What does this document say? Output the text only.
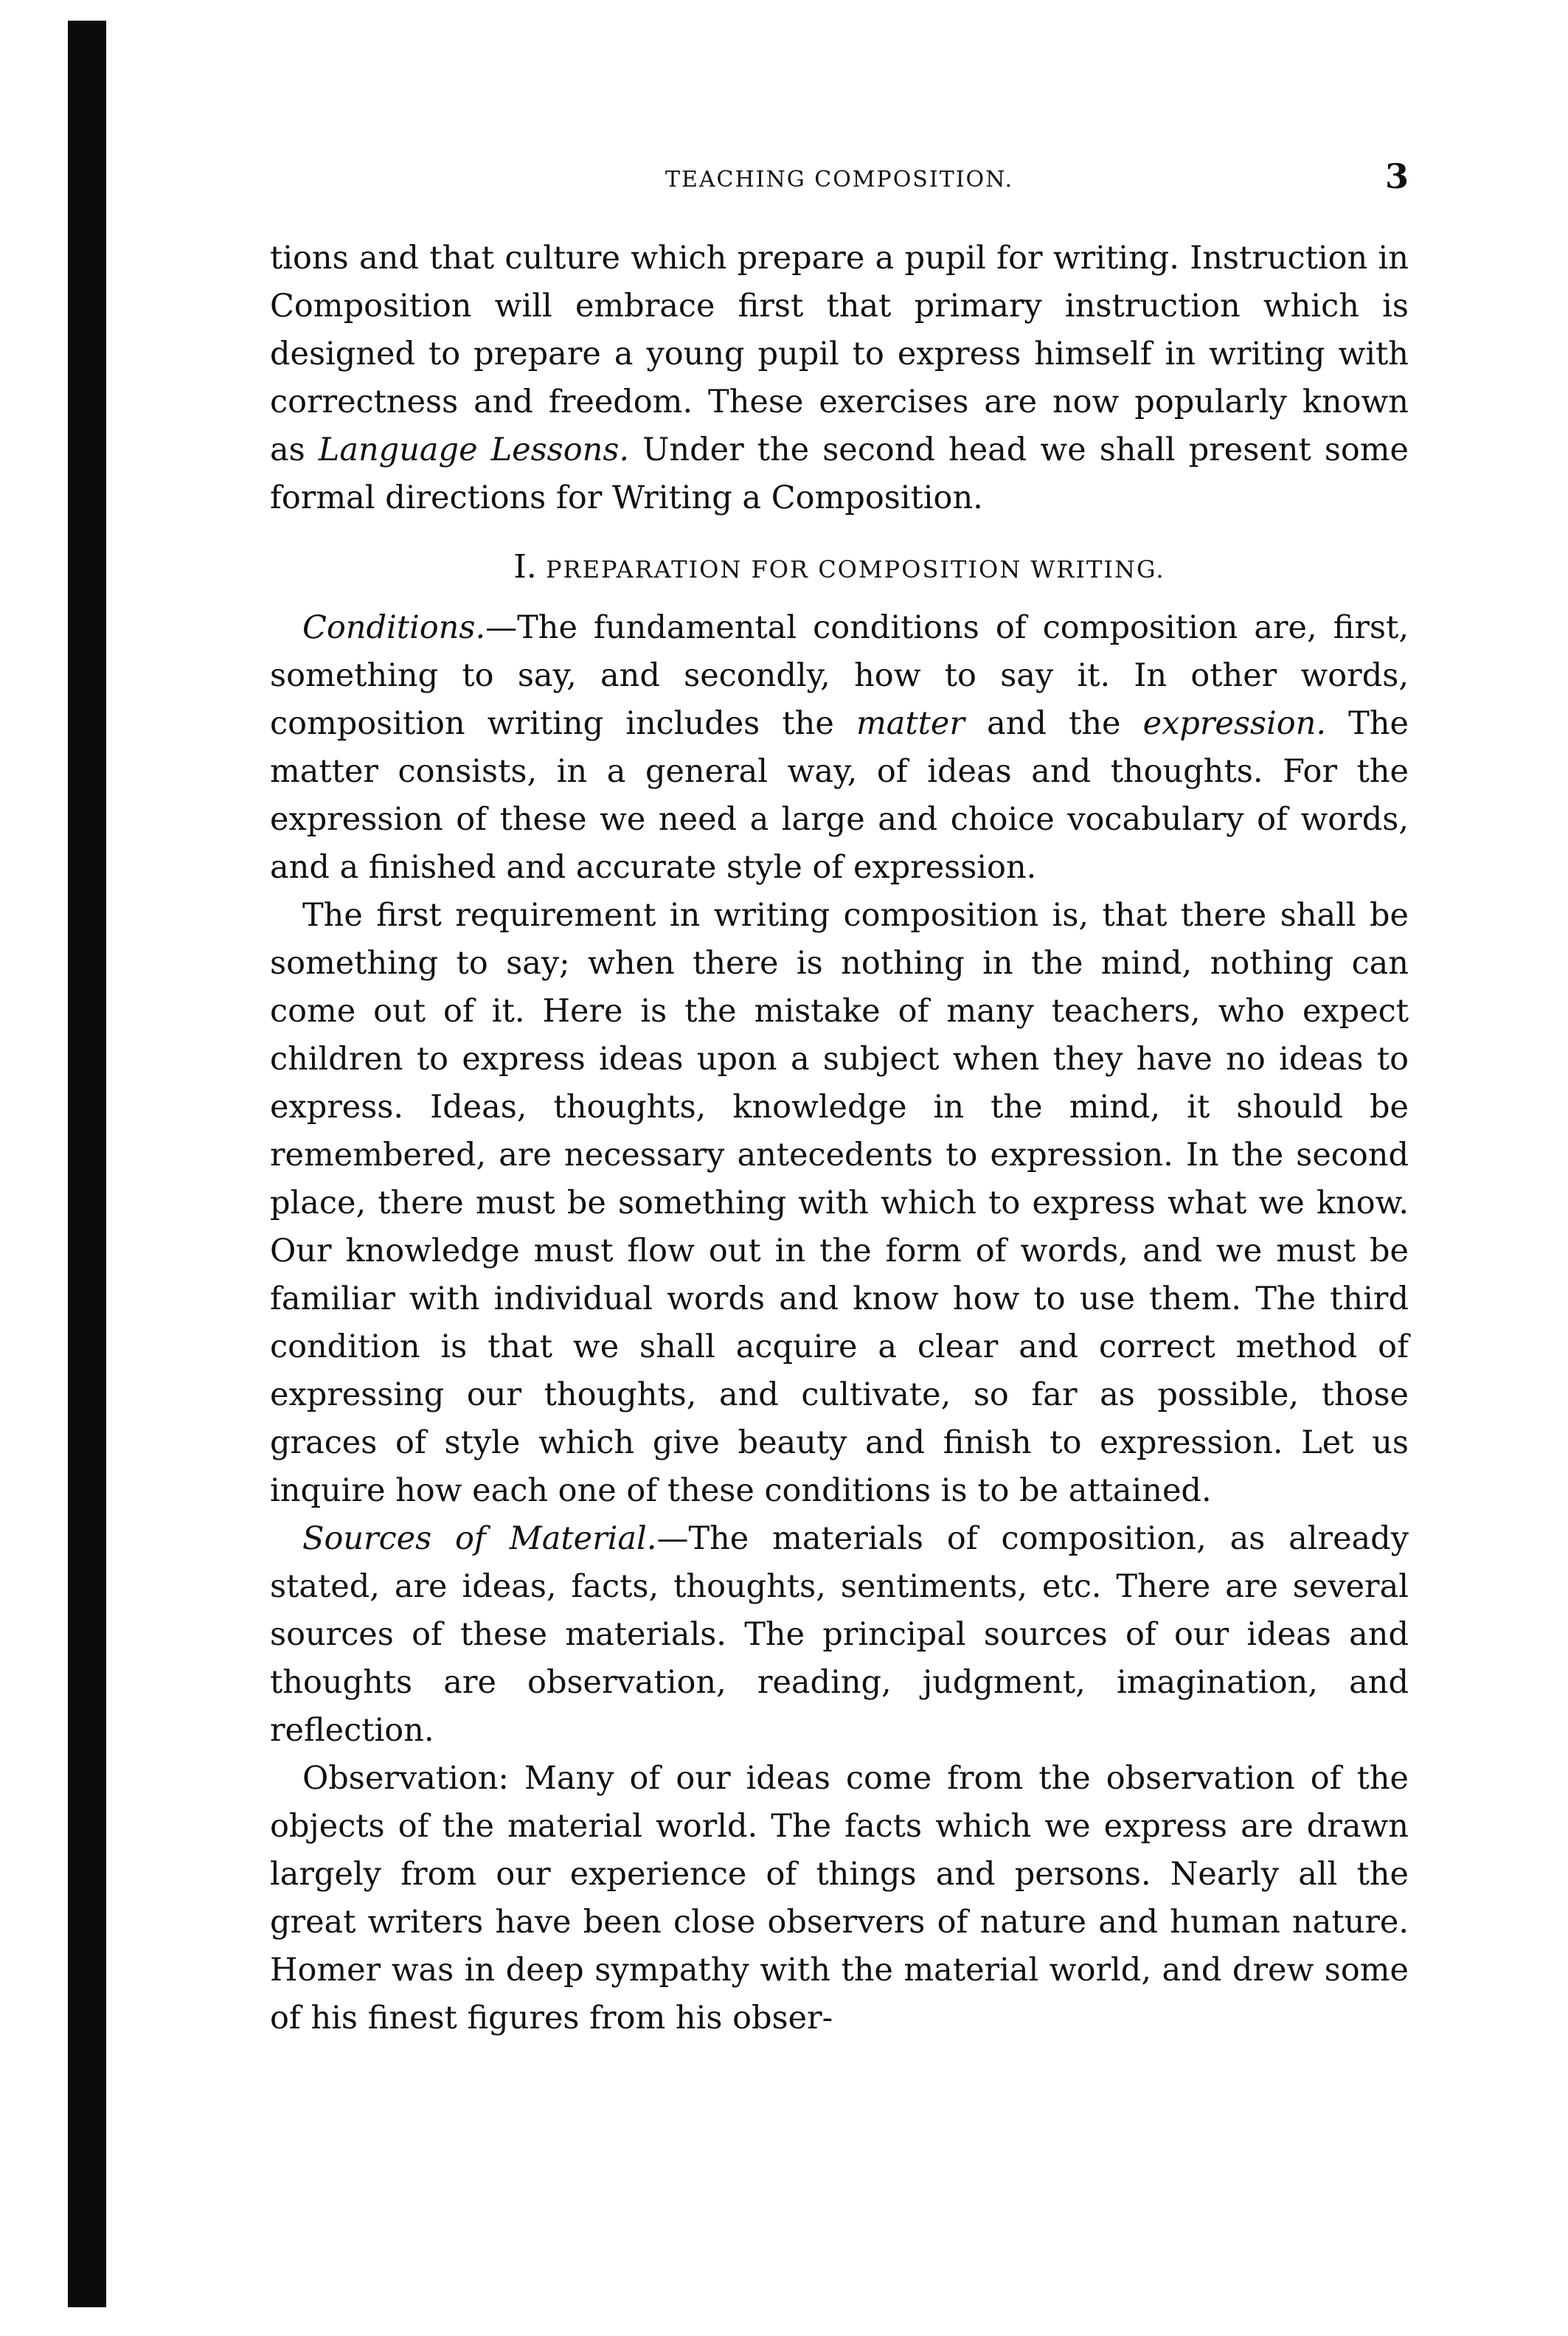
TEACHING COMPOSITION.	3

tions and that culture which prepare a pupil for writing. Instruction in Composition will embrace first that primary instruction which is designed to prepare a young pupil to express himself in writing with correctness and freedom. These exercises are now popularly known as Language Lessons. Under the second head we shall present some formal directions for Writing a Composition.

I. PREPARATION FOR COMPOSITION WRITING.

Conditions.—The fundamental conditions of composition are, first, something to say, and secondly, how to say it. In other words, composition writing includes the matter and the expression. The matter consists, in a general way, of ideas and thoughts. For the expression of these we need a large and choice vocabulary of words, and a finished and accurate style of expression.

The first requirement in writing composition is, that there shall be something to say; when there is nothing in the mind, nothing can come out of it. Here is the mistake of many teachers, who expect children to express ideas upon a subject when they have no ideas to express. Ideas, thoughts, knowledge in the mind, it should be remembered, are necessary antecedents to expression. In the second place, there must be something with which to express what we know. Our knowledge must flow out in the form of words, and we must be familiar with individual words and know how to use them. The third condition is that we shall acquire a clear and correct method of expressing our thoughts, and cultivate, so far as possible, those graces of style which give beauty and finish to expression. Let us inquire how each one of these conditions is to be attained.

Sources of Material.—The materials of composition, as already stated, are ideas, facts, thoughts, sentiments, etc. There are several sources of these materials. The principal sources of our ideas and thoughts are observation, reading, judgment, imagination, and reflection.

Observation: Many of our ideas come from the observation of the objects of the material world. The facts which we express are drawn largely from our experience of things and persons. Nearly all the great writers have been close observers of nature and human nature. Homer was in deep sympathy with the material world, and drew some of his finest figures from his obser-
